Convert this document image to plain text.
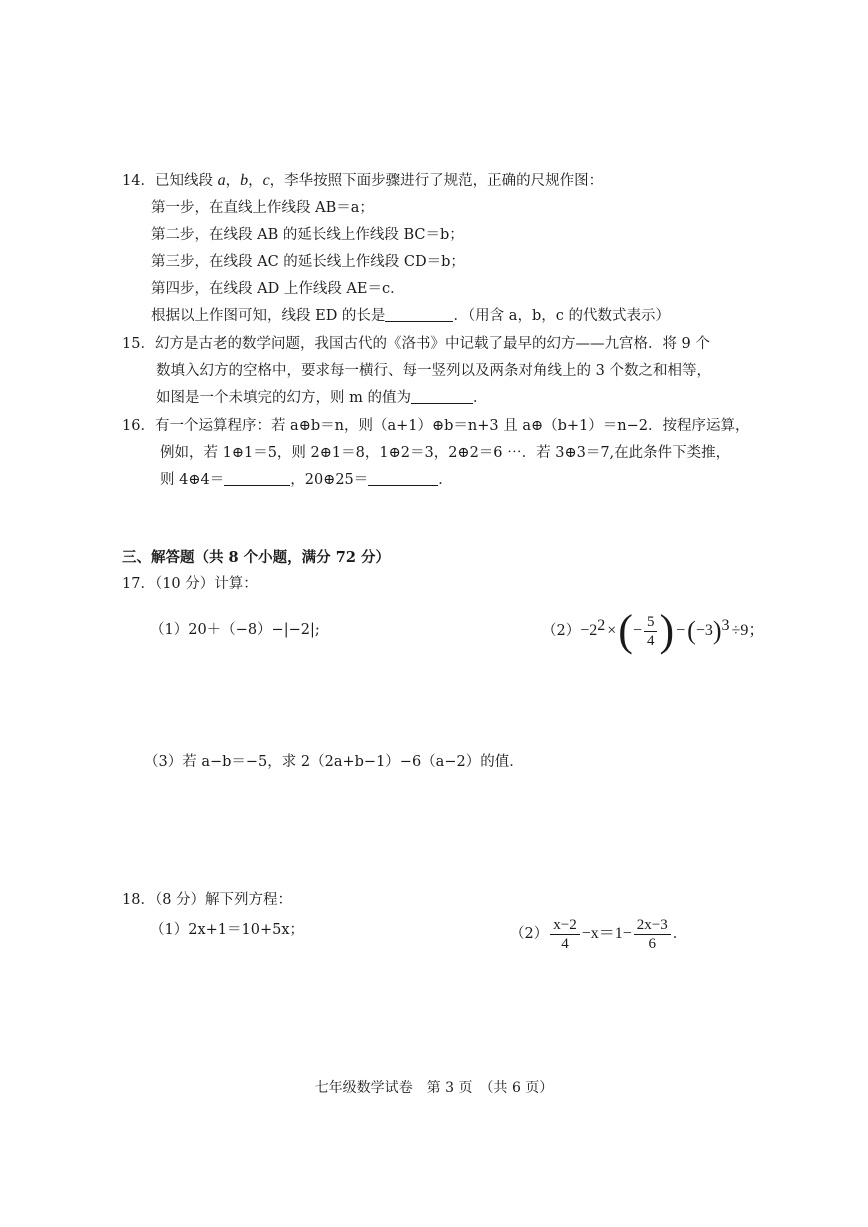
14．已知线段 a，b，c，李华按照下面步骤进行了规范，正确的尺规作图：
第一步，在直线上作线段 AB＝a；
第二步，在线段 AB 的延长线上作线段 BC＝b；
第三步，在线段 AC 的延长线上作线段 CD＝b；
第四步，在线段 AD 上作线段 AE＝c．
根据以上作图可知，线段 ED 的长是	．（用含 a，b，c 的代数式表示）
15．幻方是古老的数学问题，我国古代的《洛书》中记载了最早的幻方——九宫格．将 9 个
数填入幻方的空格中，要求每一横行、每一竖列以及两条对角线上的 3 个数之和相等，
如图是一个未填完的幻方，则 m 的值为	．
16．有一个运算程序：若 a⊕b＝n，则（a+1）⊕b＝n+3 且 a⊕（b+1）＝n−2．按程序运算，
例如，若 1⊕1＝5，则 2⊕1＝8，1⊕2＝3，2⊕2＝6 ⋯．若 3⊕3＝7,在此条件下类推，
则 4⊕4＝	，20⊕25＝	．
三、解答题（共 8 个小题，满分 72 分）
17．（10 分）计算：
（1）20＋（−8）−|−2|;	（2） −2 2 × ( − $\frac{5}{4}$ ) − ( −3 ) 3 ÷9；
（3）若 a−b＝−5，求 2（2a+b−1）−6（a−2）的值．
18．（8 分）解下列方程：
（1）2x+1＝10+5x；	$(2) \frac{x-2}{4} -x=1- \frac{2x-3}{6}$ ．
七年级数学试卷　第 3 页　（共 6 页）
